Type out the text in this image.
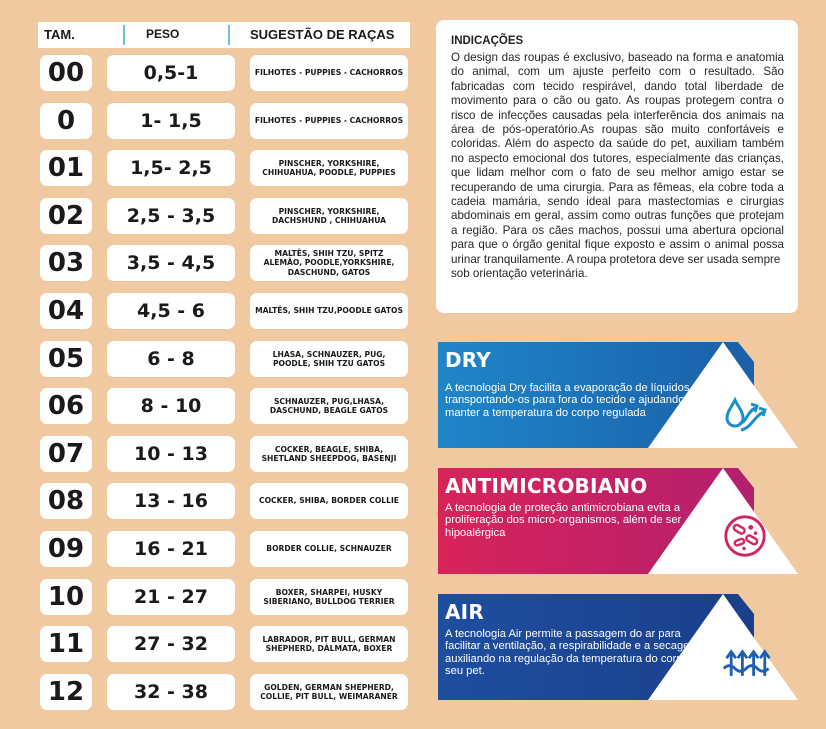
TAM.	PESO	SUGESTÃO DE RAÇAS
00	0,5-1	FILHOTES - PUPPIES - CACHORROS
0	1- 1,5	FILHOTES - PUPPIES - CACHORROS
01	1,5- 2,5	PINSCHER, YORKSHIRE, CHIHUAHUA, POODLE, PUPPIES
02	2,5 - 3,5	PINSCHER, YORKSHIRE, DACHSHUND , CHIHUAHUA
03	3,5 - 4,5	MALTÊS, SHIH TZU, SPITZ ALEMÃO, POODLE,YORKSHIRE, DASCHUND, GATOS
04	4,5 - 6	MALTÊS, SHIH TZU,POODLE GATOS
05	6 - 8	LHASA, SCHNAUZER, PUG, POODLE, SHIH TZU GATOS
06	8 - 10	SCHNAUZER, PUG,LHASA, DASCHUND, BEAGLE GATOS
07	10 - 13	COCKER, BEAGLE, SHIBA, SHETLAND SHEEPDOG, BASENJI
08	13 - 16	COCKER, SHIBA, BORDER COLLIE
09	16 - 21	BORDER COLLIE, SCHNAUZER
10	21 - 27	BOXER, SHARPEI, HUSKY SIBERIANO, BULLDOG TERRIER
11	27 - 32	LABRADOR, PIT BULL, GERMAN SHEPHERD, DÁLMATA, BOXER
12	32 - 38	GOLDEN, GERMAN SHEPHERD, COLLIE, PIT BULL, WEIMARANER
INDICAÇÕES

O design das roupas é exclusivo, baseado na forma e anatomia do animal, com um ajuste perfeito com o resultado. São fabricadas com tecido respirável, dando total liberdade de movimento para o cão ou gato. As roupas protegem contra o risco de infecções causadas pela interferência dos animais na área de pós-operatório.As roupas são muito confortáveis e coloridas. Além do aspecto da saúde do pet, auxiliam também no aspecto emocional dos tutores, especialmente das crianças, que lidam melhor com o fato de seu melhor amigo estar se recuperando de uma cirurgia. Para as fêmeas, ela cobre toda a cadeia mamária, sendo ideal para mastectomias e cirurgias abdominais em geral, assim como outras funções que protejam a região. Para os cães machos, possui uma abertura opcional para que o órgão genital fique exposto e assim o animal possa urinar tranquilamente. A roupa protetora deve ser usada sempre

sob orientação veterinária.

DRY
A tecnologia Dry facilita a evaporação de líquidos transportando-os para fora do tecido e ajudando a manter a temperatura do corpo regulada
ANTIMICROBIANO
A tecnologia de proteção antimicrobiana evita a proliferação dos micro-organismos, além de ser hipoalérgica
AIR
A tecnologia Air permite a passagem do ar para facilitar a ventilação, a respirabilidade e a secagem, auxiliando na regulação da temperatura do corpo do seu pet.
